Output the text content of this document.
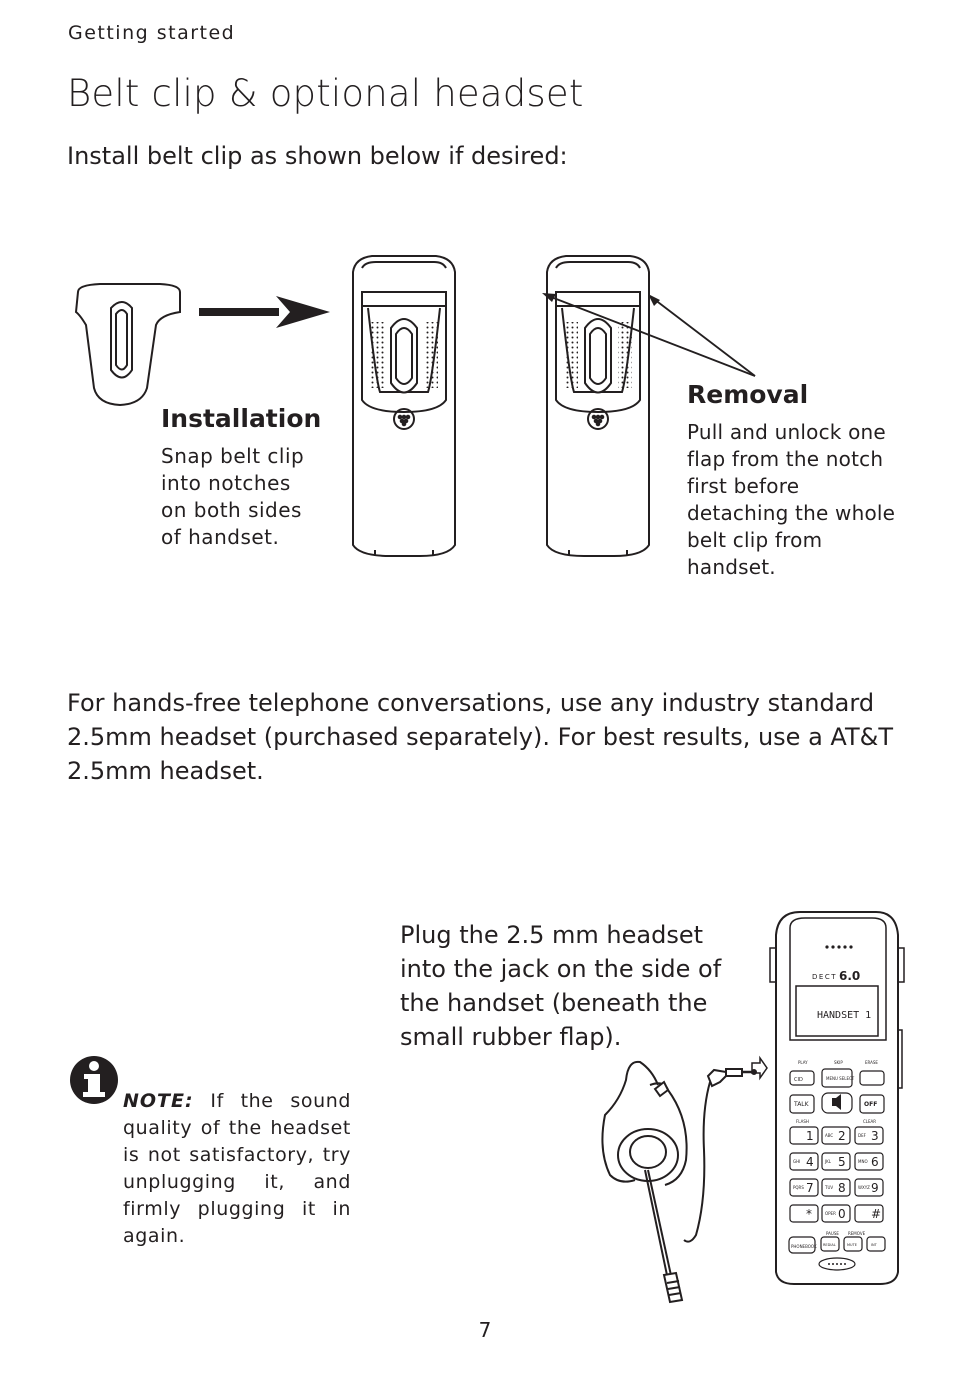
Getting started
Belt clip & optional headset
Install belt clip as shown below if desired:
Installation
Snap belt clip into notches on both sides of handset.
Removal
Pull and unlock one flap from the notch first before detaching the whole belt clip from handset.
For hands-free telephone conversations, use any industry standard 2.5mm headset (purchased separately). For best results, use a AT&T 2.5mm headset.
Plug the 2.5 mm headset into the jack on the side of the handset (beneath the small rubber flap).
NOTE: If the sound quality of the headset is not satisfactory, try unplugging it, and firmly plugging it in again.
7
DECT 6.0
HANDSET 1
PLAY	SKIP	ERASE
CID	MENU SELECT
TALK	OFF
FLASH	CLEAR
1	ABC 2	DEF 3
GHI 4	JKL 5	MNO 6
PQRS 7	TUV 8	WXYZ 9
*	OPER 0 #
PAUSE REMOVE
PHONEBOOK REDIAL	MUTE	INT
